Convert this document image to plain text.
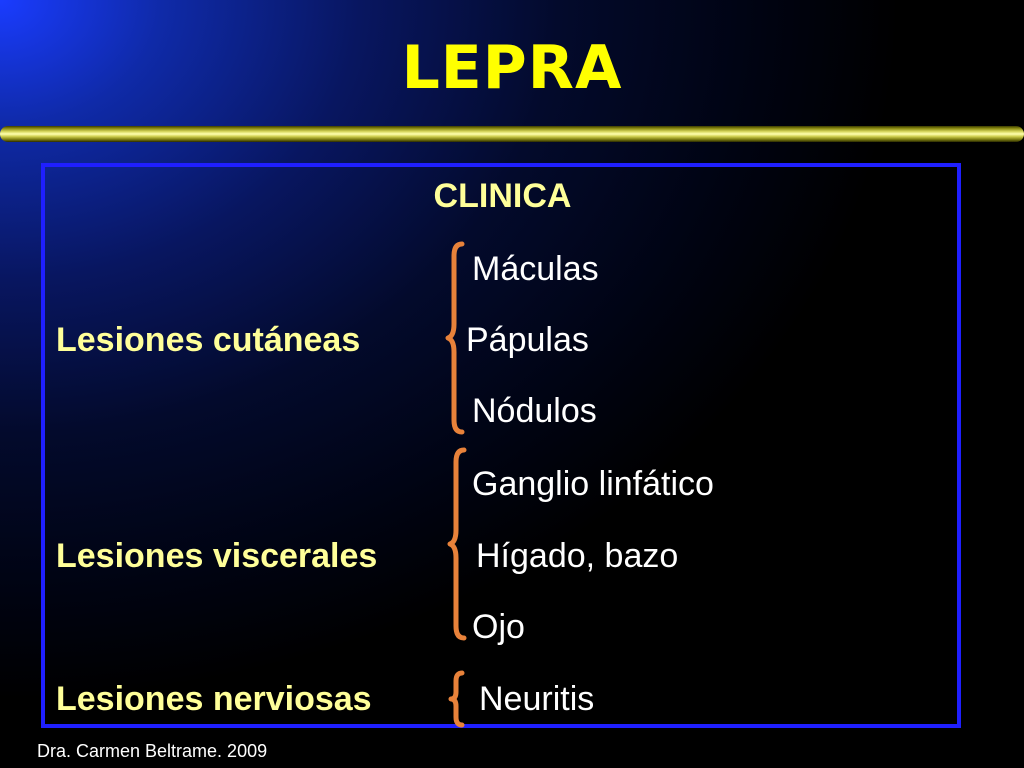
LEPRA
CLINICA
Lesiones cutáneas
Máculas
Pápulas
Nódulos
Lesiones viscerales
Ganglio linfático
Hígado, bazo
Ojo
Lesiones nerviosas	Neuritis
Dra. Carmen Beltrame. 2009
